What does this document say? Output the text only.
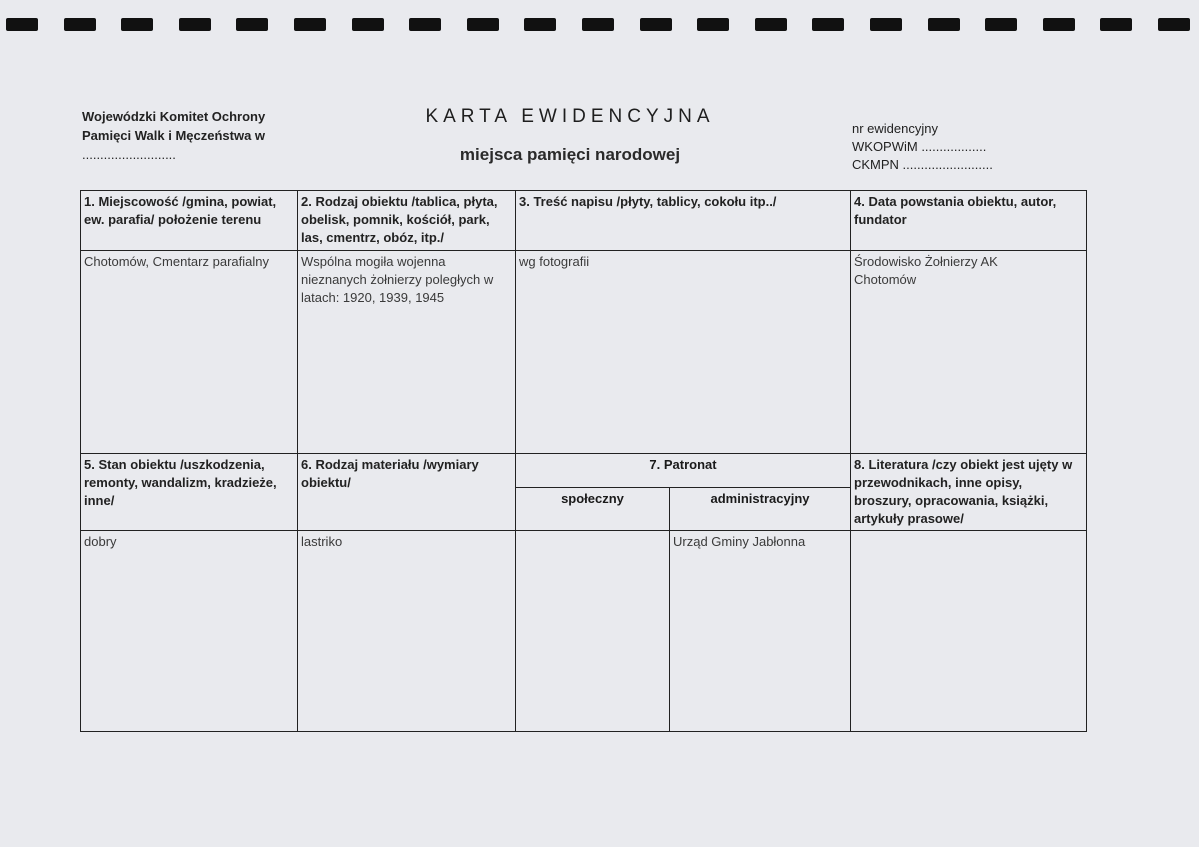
Wojewódzki Komitet Ochrony
Pamięci Walk i Męczeństwa w
..........................
KARTA EWIDENCYJNA
miejsca pamięci narodowej
nr ewidencyjny
WKOPWiM ..................
CKMPN .........................
1. Miejscowość /gmina, powiat, ew. parafia/ położenie terenu	2. Rodzaj obiektu /tablica, płyta, obelisk, pomnik, kościół, park, las, cmentrz, obóz, itp./	3. Treść napisu /płyty, tablicy, cokołu itp../		4. Data powstania obiektu, autor, fundator
Chotomów, Cmentarz parafialny	Wspólna mogiła wojenna nieznanych żołnierzy poległych w latach: 1920, 1939, 1945	wg fotografii		Środowisko Żołnierzy AK
Chotomów

5. Stan obiektu /uszkodzenia, remonty, wandalizm, kradzieże, inne/	6. Rodzaj materiału /wymiary obiektu/	7. Patronat		8. Literatura /czy obiekt jest ujęty w przewodnikach, inne opisy, broszury, opracowania, książki, artykuły prasowe/
		społeczny	administracyjny	
dobry	lastriko		Urząd Gminy Jabłonna	
